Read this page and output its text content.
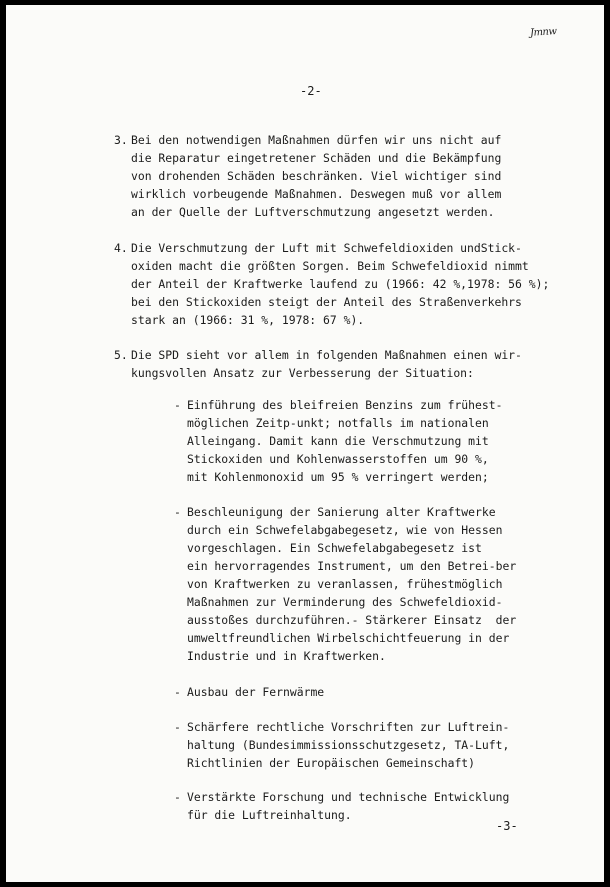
Jmnw
-2-
3. Bei den notwendigen Maßnahmen dürfen wir uns nicht auf
die Reparatur eingetretener Schäden und die Bekämpfung
von drohenden Schäden beschränken. Viel wichtiger sind
wirklich vorbeugende Maßnahmen. Deswegen muß vor allem
an der Quelle der Luftverschmutzung angesetzt werden.
4. Die Verschmutzung der Luft mit Schwefeldioxiden undStick-
oxiden macht die größten Sorgen. Beim Schwefeldioxid nimmt
der Anteil der Kraftwerke laufend zu (1966: 42 %,1978: 56 %);
bei den Stickoxiden steigt der Anteil des Straßenverkehrs
stark an (1966: 31 %, 1978: 67 %).
5. Die SPD sieht vor allem in folgenden Maßnahmen einen wir-
kungsvollen Ansatz zur Verbesserung der Situation:
- Einführung des bleifreien Benzins zum frühest-
möglichen Zeitp-unkt; notfalls im nationalen
Alleingang. Damit kann die Verschmutzung mit
Stickoxiden und Kohlenwasserstoffen um 90 %,
mit Kohlenmonoxid um 95 % verringert werden;
- Beschleunigung der Sanierung alter Kraftwerke
durch ein Schwefelabgabegesetz, wie von Hessen
vorgeschlagen. Ein Schwefelabgabegesetz ist
ein hervorragendes Instrument, um den Betrei-ber
von Kraftwerken zu veranlassen, frühestmöglich
Maßnahmen zur Verminderung des Schwefeldioxid-
ausstoßes durchzuführen.- Stärkerer Einsatz  der
umweltfreundlichen Wirbelschichtfeuerung in der
Industrie und in Kraftwerken.
- Ausbau der Fernwärme
- Schärfere rechtliche Vorschriften zur Luftrein-
haltung (Bundesimmissionsschutzgesetz, TA-Luft,
Richtlinien der Europäischen Gemeinschaft)
- Verstärkte Forschung und technische Entwicklung
für die Luftreinhaltung.
-3-
